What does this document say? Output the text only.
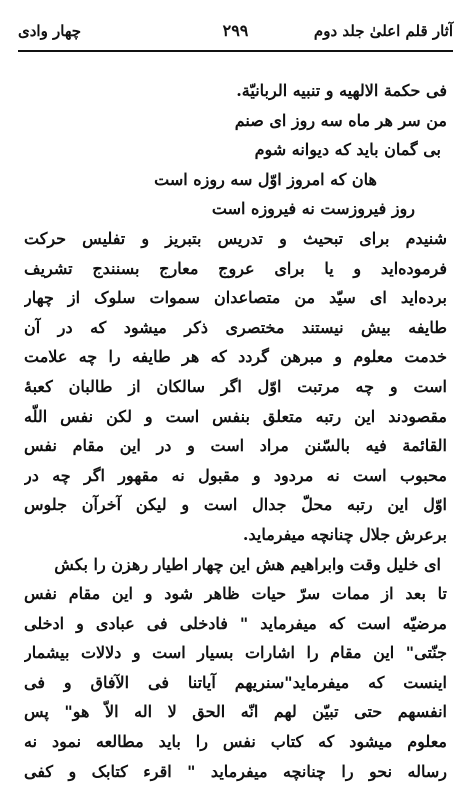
چهار وادی	۲۹۹	آثار قلم اعلیٰ جلد دوم
فی حکمة الالهیه و تنبیه الربانیّة.
من سر هر ماه سه روز ای صنم
بی گمان باید که دیوانه شوم
هان که امروز اوّل سه روزه است
روز فیروزست نه فیروزه است
شنیدم برای تبحیث و تدریس بتبریز و تفلیس حرکت
فرموده‌اید و یا برای عروج معارج بسنندج تشریف
برده‌اید ای سیّد من متصاعدان سموات سلوک از چهار
طایفه بیش نیستند مختصری ذکر میشود که در آن
خدمت معلوم و مبرهن گردد که هر طایفه را چه علامت
است و چه مرتبت اوّل اگر سالکان از طالبان کعبهٔ
مقصودند این رتبه متعلق بنفس است و لکن نفس اللّه
القائمة فیه بالسّنن مراد است و در این مقام نفس
محبوب است نه مردود و مقبول نه مقهور اگر چه در
اوّل این رتبه محلّ جدال است و لیکن آخرآن جلوس
برعرش جلال چنانچه میفرماید.
ای خلیل وقت وابراهیم هش این چهار اطیار رهزن را بکش
تا بعد از ممات سرّ حیات ظاهر شود و این مقام نفس
مرضیّه است که میفرماید " فادخلی فی عبادی و ادخلی
جنّتی" این مقام را اشارات بسیار است و دلالات بیشمار
اینست که میفرماید"سنریهم آیاتنا فی الآفاق و فی
انفسهم حتی تبیّن لهم انّه الحق لا اله الاّ هو" پس
معلوم میشود که کتاب نفس را باید مطالعه نمود نه
رساله نحو را چنانچه میفرماید " اقرء کتابک و کفی
